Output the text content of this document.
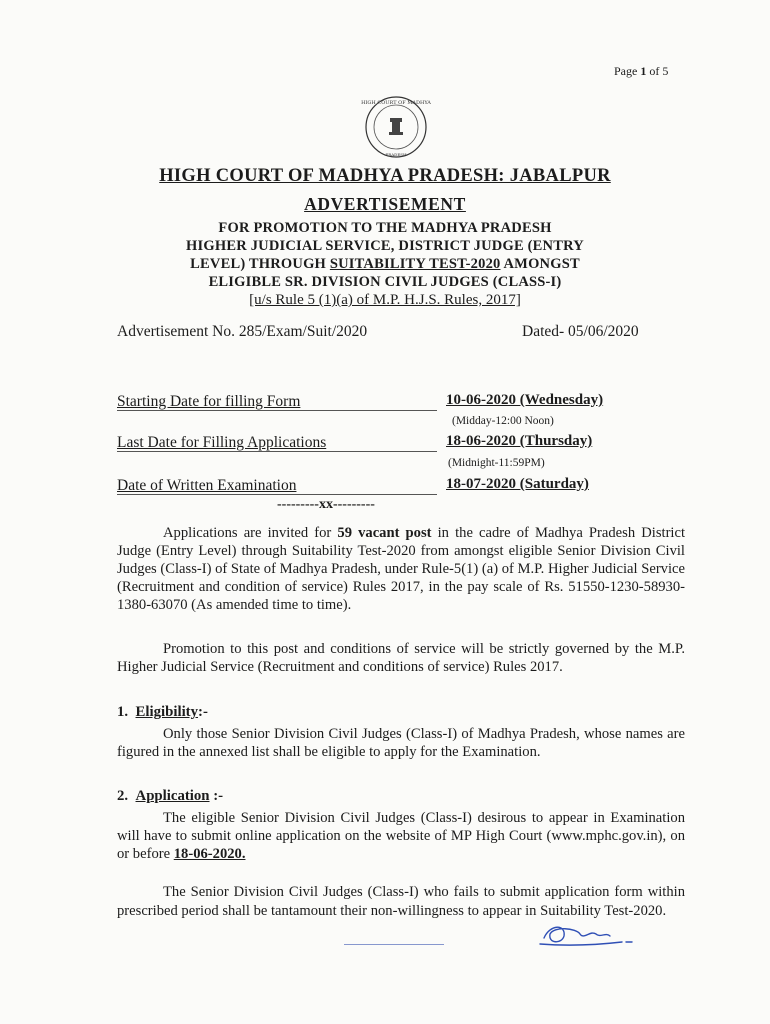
Page 1 of 5
HIGH COURT OF MADHYA
PRADESH
HIGH COURT OF MADHYA PRADESH: JABALPUR
ADVERTISEMENT
FOR PROMOTION TO THE MADHYA PRADESH
HIGHER JUDICIAL SERVICE, DISTRICT JUDGE (ENTRY
LEVEL) THROUGH SUITABILITY TEST-2020 AMONGST
ELIGIBLE SR. DIVISION CIVIL JUDGES (CLASS-I)
[u/s Rule 5 (1)(a) of M.P. H.J.S. Rules, 2017]
Advertisement No. 285/Exam/Suit/2020	Dated- 05/06/2020
Starting Date for filling Form	10-06-2020 (Wednesday)
(Midday-12:00 Noon)
Last Date for Filling Applications	18-06-2020 (Thursday)
(Midnight-11:59PM)
Date of Written Examination	18-07-2020 (Saturday)
---------xx---------
Applications are invited for 59 vacant post in the cadre of Madhya Pradesh District Judge (Entry Level) through Suitability Test-2020 from amongst eligible Senior Division Civil Judges (Class-I) of State of Madhya Pradesh, under Rule-5(1) (a) of M.P. Higher Judicial Service (Recruitment and condition of service) Rules 2017, in the pay scale of Rs. 51550-1230-58930-1380-63070 (As amended time to time).
Promotion to this post and conditions of service will be strictly governed by the M.P. Higher Judicial Service (Recruitment and conditions of service) Rules 2017.
1. Eligibility:-
Only those Senior Division Civil Judges (Class-I) of Madhya Pradesh, whose names are figured in the annexed list shall be eligible to apply for the Examination.
2. Application :-
The eligible Senior Division Civil Judges (Class-I) desirous to appear in Examination will have to submit online application on the website of MP High Court (www.mphc.gov.in), on or before 18-06-2020.
The Senior Division Civil Judges (Class-I) who fails to submit application form within prescribed period shall be tantamount their non-willingness to appear in Suitability Test-2020.
